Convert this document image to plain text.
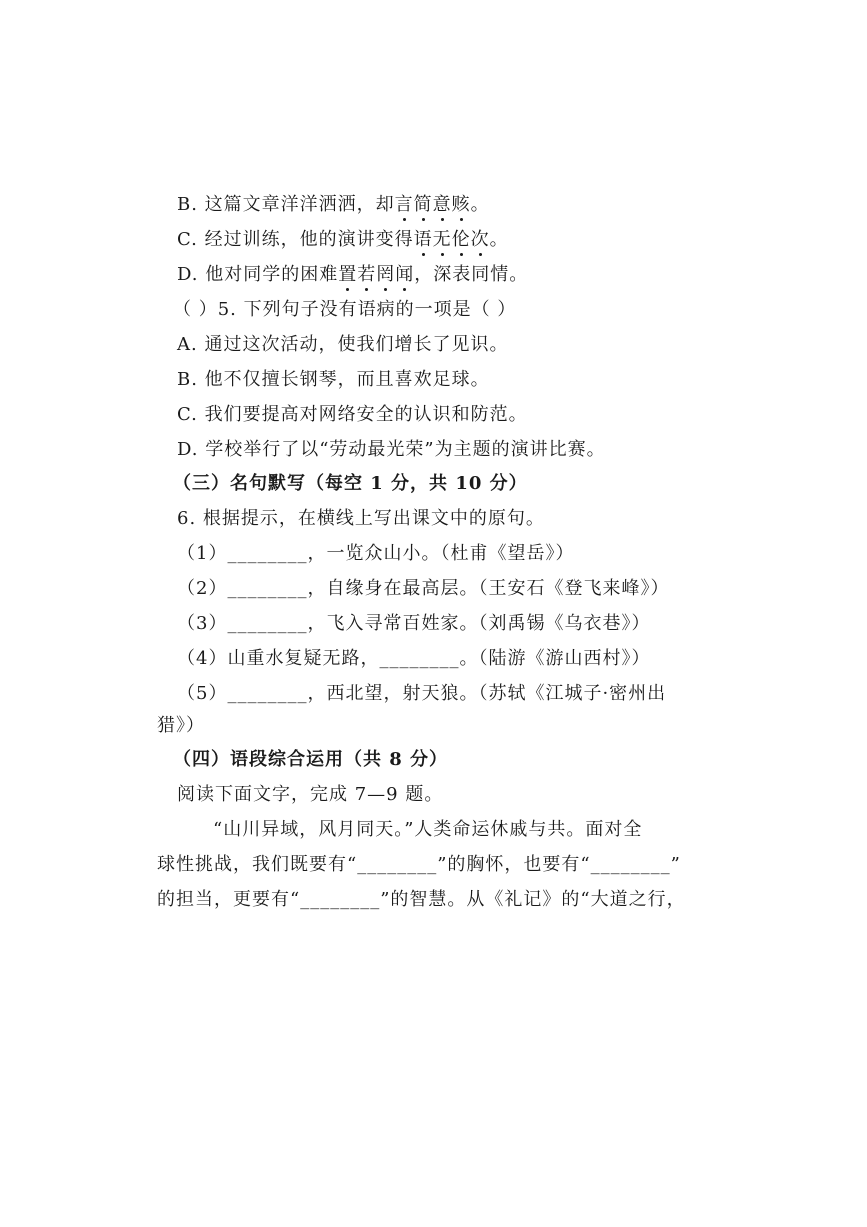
B. 这篇文章洋洋洒洒，却言简意赅。
C. 经过训练，他的演讲变得语无伦次。
D. 他对同学的困难置若罔闻，深表同情。
（ ）5. 下列句子没有语病的一项是（ ）
A. 通过这次活动，使我们增长了见识。
B. 他不仅擅长钢琴，而且喜欢足球。
C. 我们要提高对网络安全的认识和防范。
D. 学校举行了以“劳动最光荣”为主题的演讲比赛。
（三）名句默写（每空 1 分，共 10 分）
6. 根据提示，在横线上写出课文中的原句。
（1）________，一览众山小。（杜甫《望岳》）
（2）________，自缘身在最高层。（王安石《登飞来峰》）
（3）________，飞入寻常百姓家。（刘禹锡《乌衣巷》）
（4）山重水复疑无路，________。（陆游《游山西村》）
（5）________，西北望，射天狼。（苏轼《江城子·密州出
猎》）
（四）语段综合运用（共 8 分）
阅读下面文字，完成 7—9 题。
“山川异域，风月同天。”人类命运休戚与共。面对全
球性挑战，我们既要有“________”的胸怀，也要有“________”
的担当，更要有“________”的智慧。从《礼记》的“大道之行，
